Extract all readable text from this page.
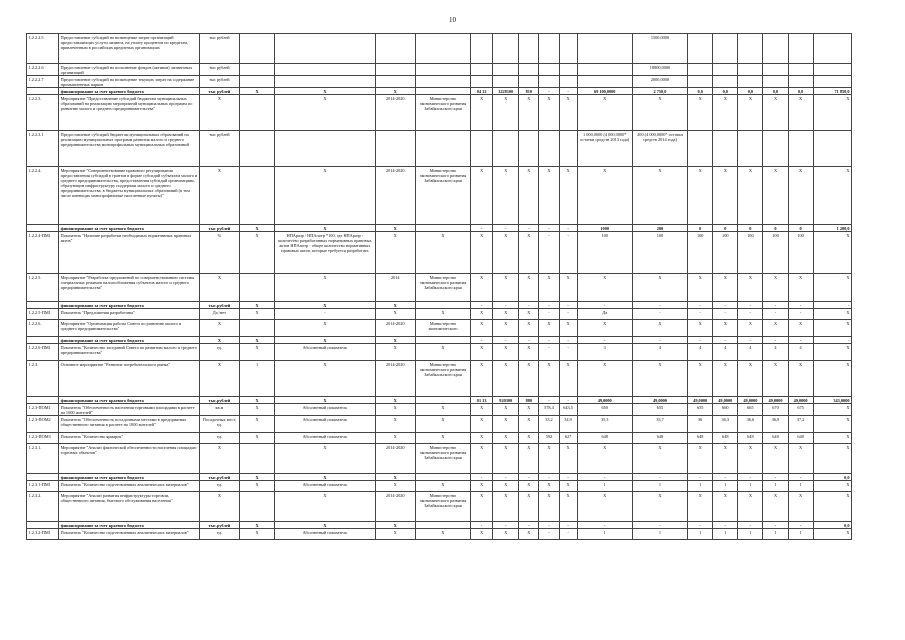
10
1.2.2.2.5	Предоставление субсидий на возмещение затрат организаций предоставляющих услуги лизинга, на уплату процентов по кредитам, привлеченным в российских кредитных организациях	тыс рублей											1500,0000						
1.2.2.2.6	Предоставление субсидий на пополнение фондов (активов) лизинговых организаций	тыс рублей											18800,0000						
1.2.2.2.7	Предоставление субсидий на возмещение текущих затрат на содержание промышленных парков	тыс рублей											2000,0000						
	финансирование за счет краевого бюджета	тыс рублей	X	X	X		04 12	3228100	810	-	-	69 100,0000	2 750,0	0,0	0,0	0,0	0,0	0,0	71 850,0
1.2.2.3.	Мероприятие "Предоставление субсидий бюджетам муниципальных образований на реализацию мероприятий муниципальных программ по развитию малого и среднего предпринимательства"	X		X	2014-2020	Министерство экономического развития Забайкальского края	X	X	X	X	X	X	X	X	X	X	X	X	X
1.2.2.3.1	Предоставление субсидий бюджетам муниципальных образований на реализацию муниципальных программ развития малого и среднего предпринимательства монопрофильных муниципальных образований	тыс рублей										1 000,0000 (4 000,0000* остатки средств 2013 года)	200 (4 000,0000* остатки средств 2014 года)						
1.2.2.4.	Мероприятие "Совершенствование правового регулирования предоставления субсидий в грантов в форме субсидий субъектам малого и среднего предпринимательства, предоставления субсидий организациям, образующим инфраструктуру поддержки малого и среднего предпринимательства, в бюджеты муниципальных образований (в том числе имеющих монопрофильные населенные пункты)"	X		X	2014-2020	Министерство экономического развития Забайкальского края	X	X	X	X	X	X	X	X	X	X	X	X	X
	финансирование за счет краевого бюджета	тыс рублей	X	X	X		-	-	-	-	-	1000	200	0	0	0	0	0	1 200,0
1.2.2.4-ПМ1	Показатель "Наличие разработки необходимых нормативных правовых актов"	%	X	НПАразр / НПАпотр *100, где НПАразр - количество разработанных нормативных правовых актов НПАпотр - общее количество нормативных правовых актов, которые требуется разработать	X	X	X	X	X	-	-	100	100	100	100	100	100	100	X
1.2.2.5.	Мероприятие "Разработка предложений по совершенствованию системы специальных режимов налогообложения субъектов малого и среднего предпринимательства"	X		X	2014	Министерство экономического развития Забайкальского края	X	X	X	X	X	X	X	X	X	X	X	X	X
	финансирование за счет краевого бюджета	тыс.рублей	X	X	X		-	-	-	-	-	-	-	-	-	-	-	-	-
1.2.2.5-ПМ1	Показатель "Предложения разработаны"	Да /нет	X	-	X	X	X	X	X	-	-	Да	-	-	-	-	-	-	X
1.2.2.6.	Мероприятие "Организация работы Совета по развитию малого и среднего предпринимательства"	X		X	2014-2020	Министерство экономического	X	X	X	X	X	X	X	X	X	X	X	X	X
	финансирование за счет краевого бюджета	X	X	X	X		-	-	-	-	-	-	-	-	-	-	-	-	-
1.2.2.6-ПМ1	Показатель "Количество заседаний Совета по развитию малого и среднего предпринимательства"	ед.	X	Абсолютный показатель	X	X	X	X	X	-	-	3	4	4	4	4	4	4	X
1.2.3.	Основное мероприятие "Развитие потребительского рынка"	X	1	X	2014-2020	Министерство экономического развития Забайкальского края	X	X	X	X	X	X	X	X	X	X	X	X	X
	финансирование за счет краевого бюджета	тыс.рублей	X	X	X		01 13	920300	880	-	-	49,0000	49,0000	49,0000	49,0000	49,0000	49,0000	49,0000	343,0000
1.2.3-ПОМ1	Показатель "Обеспеченность населения торговыми площадями в расчете на 1000 жителей"	кв.м	X	Абсолютный показатель	X	X	X	X	X	578,4	643,5	650	655	655	660	665	670	675	X
1.2.3-ПОМ2	Показатель "Обеспеченность посадочными местами в предприятиях общественного питания в расчете на 1000 жителей"	Посадочных мест, ед.	X	Абсолютный показатель	X	X	X	X	X	33,2	34,9	35,3	35,7	36	36,3	36,6	36,9	37,2	X
1.2.3-ПОМ3	Показатель "Количество ярмарок"	ед.	X	Абсолютный показатель	X	X	X	X	X	592	627	648	648	648	648	648	648	648	X
1.2.3.1.	Мероприятие "Анализ фактической обеспеченности населения площадью торговых объектов"	X		X	2014-2020	Министерство экономического развития Забайкальского края	X	X	X	X	X	X	X	X	X	X	X	X	X
	финансирование за счет краевого бюджета	тыс.рублей	X	X	X		-	-	-	-	-	-	-	-	-	-	-	-	0,0
1.2.3.1-ПМ1	Показатель "Количество подготовленных аналитических материалов"	ед.	X	Абсолютный показатель	X	X	X	X	X	X	X	1	1	1	1	1	1	1	X
1.2.3.2.	Мероприятие "Анализ развития инфраструктуры торговли, общественного питания, бытового обслуживания населения"	X		X	2014-2020	Министерство экономического развития Забайкальского края	X	X	X	X	X	X	X	X	X	X	X	X	X
	финансирование за счет краевого бюджета	тыс.рублей	X	X	X		-	-	-	-	-	-	-	-	-	-	-	-	0,0
1.2.3.2-ПМ1	Показатель "Количество подготовленных аналитических материалов"	ед.	X	Абсолютный показатель	X	X	X	X	X	-	-	1	1	1	1	1	1	1	X
